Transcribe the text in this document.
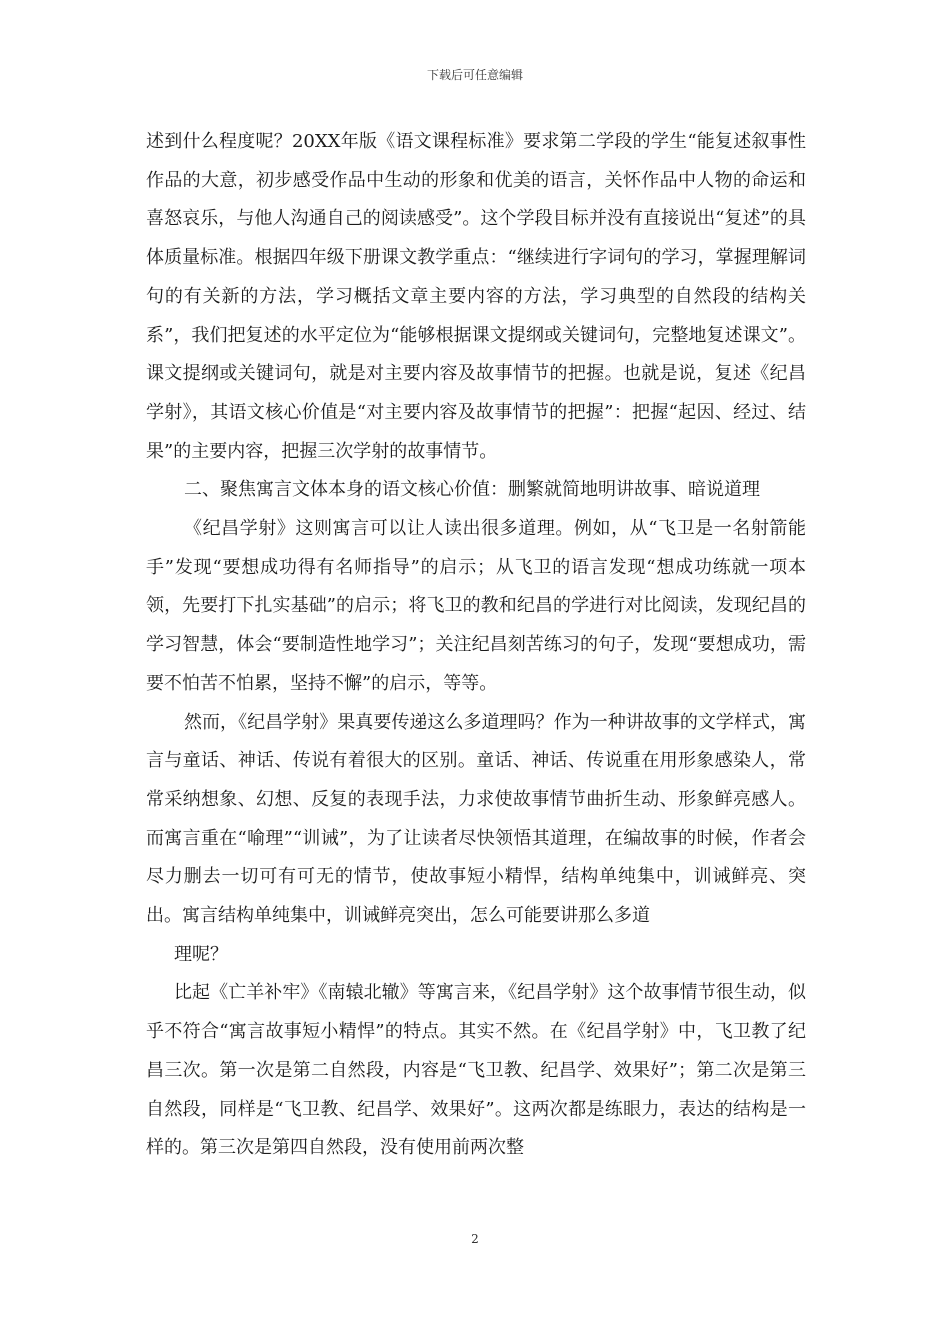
下载后可任意编辑

述到什么程度呢？20XX年版《语文课程标准》要求第二学段的学生“能复述叙事性作品的大意，初步感受作品中生动的形象和优美的语言，关怀作品中人物的命运和喜怒哀乐，与他人沟通自己的阅读感受”。这个学段目标并没有直接说出“复述”的具体质量标准。根据四年级下册课文教学重点：“继续进行字词句的学习，掌握理解词句的有关新的方法，学习概括文章主要内容的方法，学习典型的自然段的结构关系”，我们把复述的水平定位为“能够根据课文提纲或关键词句，完整地复述课文”。课文提纲或关键词句，就是对主要内容及故事情节的把握。也就是说，复述《纪昌学射》，其语文核心价值是“对主要内容及故事情节的把握”：把握“起因、经过、结果”的主要内容，把握三次学射的故事情节。

二、聚焦寓言文体本身的语文核心价值：删繁就简地明讲故事、暗说道理

《纪昌学射》这则寓言可以让人读出很多道理。例如，从“飞卫是一名射箭能手”发现“要想成功得有名师指导”的启示；从飞卫的语言发现“想成功练就一项本领，先要打下扎实基础”的启示；将飞卫的教和纪昌的学进行对比阅读，发现纪昌的学习智慧，体会“要制造性地学习”；关注纪昌刻苦练习的句子，发现“要想成功，需要不怕苦不怕累，坚持不懈”的启示，等等。

然而，《纪昌学射》果真要传递这么多道理吗？作为一种讲故事的文学样式，寓言与童话、神话、传说有着很大的区别。童话、神话、传说重在用形象感染人，常常采纳想象、幻想、反复的表现手法，力求使故事情节曲折生动、形象鲜亮感人。而寓言重在“喻理”“训诫”，为了让读者尽快领悟其道理，在编故事的时候，作者会尽力删去一切可有可无的情节，使故事短小精悍，结构单纯集中，训诫鲜亮、突出。寓言结构单纯集中，训诫鲜亮突出，怎么可能要讲那么多道

理呢？

比起《亡羊补牢》《南辕北辙》等寓言来，《纪昌学射》这个故事情节很生动，似乎不符合“寓言故事短小精悍”的特点。其实不然。在《纪昌学射》中，飞卫教了纪昌三次。第一次是第二自然段，内容是“飞卫教、纪昌学、效果好”；第二次是第三自然段，同样是“飞卫教、纪昌学、效果好”。这两次都是练眼力，表达的结构是一样的。第三次是第四自然段，没有使用前两次整

2
